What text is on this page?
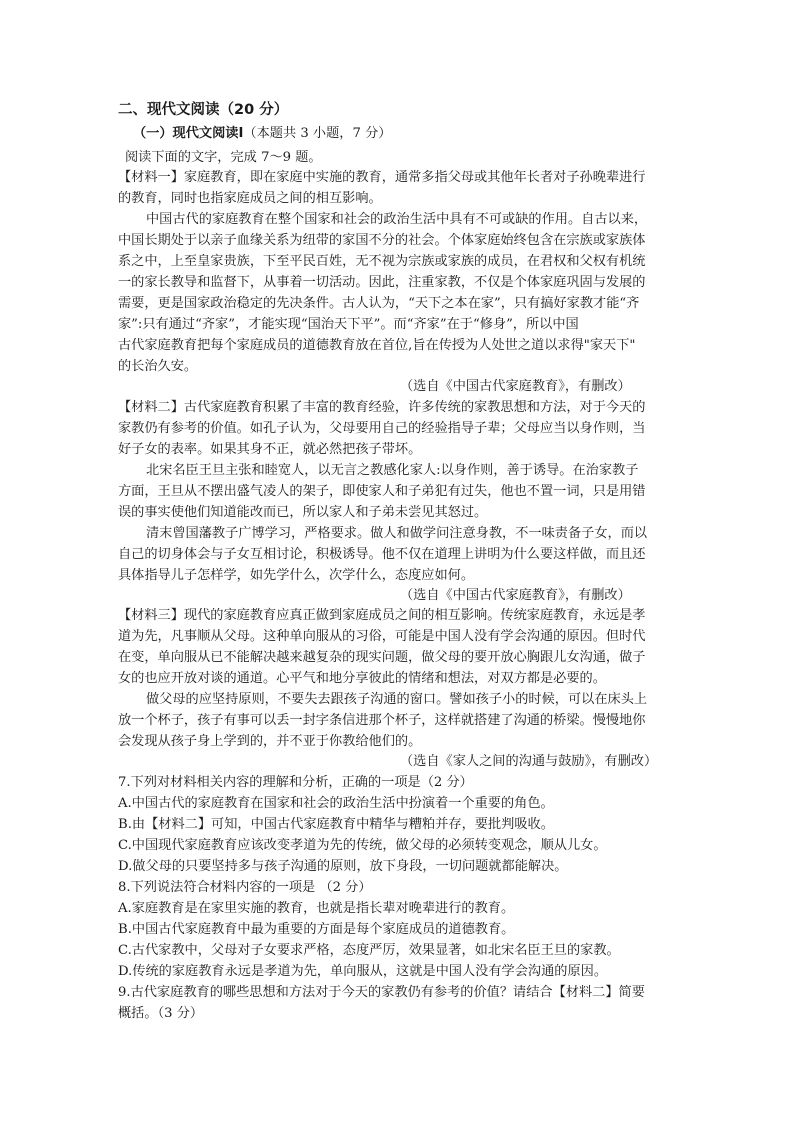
二、现代文阅读（20 分）
（一）现代文阅读Ⅰ（本题共 3 小题，7 分）
阅读下面的文字，完成 7～9 题。
【材料一】家庭教育，即在家庭中实施的教育，通常多指父母或其他年长者对子孙晚辈进行
的教育，同时也指家庭成员之间的相互影响。
中国古代的家庭教育在整个国家和社会的政治生活中具有不可或缺的作用。自古以来，
中国长期处于以亲子血缘关系为纽带的家国不分的社会。个体家庭始终包含在宗族或家族体
系之中，上至皇家贵族，下至平民百姓，无不视为宗族或家族的成员，在君权和父权有机统
一的家长教导和监督下，从事着一切活动。因此，注重家教，不仅是个体家庭巩固与发展的
需要，更是国家政治稳定的先决条件。古人认为，“天下之本在家”，只有搞好家教才能“齐
家”:只有通过“齐家”，才能实现“国治天下平”。而“齐家”在于“修身”，所以中国
古代家庭教育把每个家庭成员的道德教育放在首位,旨在传授为人处世之道以求得"家天下"
的长治久安。
（选自《中国古代家庭教育》，有删改）
【材料二】古代家庭教育积累了丰富的教育经验，许多传统的家教思想和方法，对于今天的
家教仍有参考的价值。如孔子认为，父母要用自己的经验指导子辈；父母应当以身作则，当
好子女的表率。如果其身不正，就必然把孩子带坏。
北宋名臣王旦主张和睦宽人，以无言之教感化家人:以身作则，善于诱导。在治家教子
方面，王旦从不摆出盛气凌人的架子，即使家人和子弟犯有过失，他也不置一词，只是用错
误的事实使他们知道能改而已，所以家人和子弟未尝见其怒过。
清末曾国藩教子广博学习，严格要求。做人和做学问注意身教，不一味责备子女，而以
自己的切身体会与子女互相讨论，积极诱导。他不仅在道理上讲明为什么要这样做，而且还
具体指导儿子怎样学，如先学什么，次学什么，态度应如何。
（选自《中国古代家庭教育》，有删改）
【材料三】现代的家庭教育应真正做到家庭成员之间的相互影响。传统家庭教育，永远是孝
道为先，凡事顺从父母。这种单向服从的习俗，可能是中国人没有学会沟通的原因。但时代
在变，单向服从已不能解决越来越复杂的现实问题，做父母的要开放心胸跟儿女沟通，做子
女的也应开放对谈的通道。心平气和地分享彼此的情绪和想法，对双方都是必要的。
做父母的应坚持原则，不要失去跟孩子沟通的窗口。譬如孩子小的时候，可以在床头上
放一个杯子，孩子有事可以丢一封字条信进那个杯子，这样就搭建了沟通的桥梁。慢慢地你
会发现从孩子身上学到的，并不亚于你教给他们的。
（选自《家人之间的沟通与鼓励》，有删改）
7.下列对材料相关内容的理解和分析，正确的一项是（2 分）
A.中国古代的家庭教育在国家和社会的政治生活中扮演着一个重要的角色。
B.由【材料二】可知，中国古代家庭教育中精华与糟粕并存，要批判吸收。
C.中国现代家庭教育应该改变孝道为先的传统，做父母的必须转变观念，顺从儿女。
D.做父母的只要坚持多与孩子沟通的原则，放下身段，一切问题就都能解决。
8.下列说法符合材料内容的一项是 （2 分）
A.家庭教育是在家里实施的教育，也就是指长辈对晚辈进行的教育。
B.中国古代家庭教育中最为重要的方面是每个家庭成员的道德教育。
C.古代家教中，父母对子女要求严格，态度严厉，效果显著，如北宋名臣王旦的家教。
D.传统的家庭教育永远是孝道为先，单向服从，这就是中国人没有学会沟通的原因。
9.古代家庭教育的哪些思想和方法对于今天的家教仍有参考的价值？请结合【材料二】简要
概括。（3 分）
